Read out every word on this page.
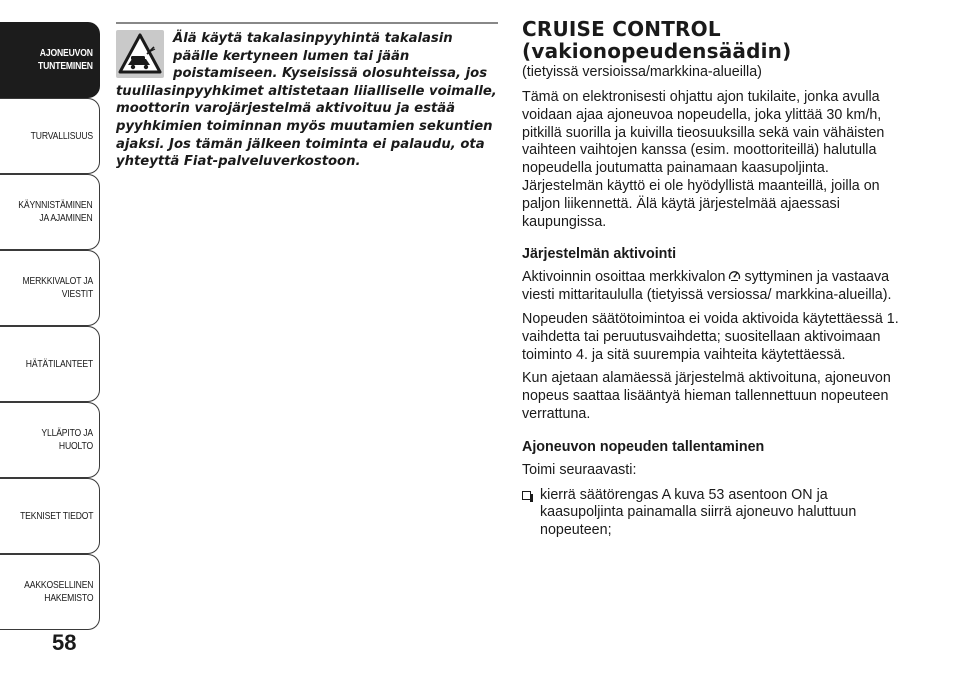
AJONEUVON
TUNTEMINEN
TURVALLISUUS
KÄYNNISTÄMINEN
JA AJAMINEN
MERKKIVALOT JA
VIESTIT
HÄTÄTILANTEET
YLLÄPITO JA HUOLTO
TEKNISET TIEDOT
AAKKOSELLINEN
HAKEMISTO
58
Älä käytä takalasinpyyhintä takalasin päälle kertyneen lumen tai jään poistamiseen. Kyseisissä olosuhteissa, jos tuulilasinpyyhkimet altistetaan liialliselle voimalle, moottorin varojärjestelmä aktivoituu ja estää pyyhkimien toiminnan myös muutamien sekuntien ajaksi. Jos tämän jälkeen toiminta ei palaudu, ota yhteyttä Fiat-palveluverkostoon.
CRUISE CONTROL
(vakionopeudensäädin)
(tietyissä versioissa/markkina-alueilla)

Tämä on elektronisesti ohjattu ajon tukilaite, jonka avulla voidaan ajaa ajoneuvoa nopeudella, joka ylittää 30 km/h, pitkillä suorilla ja kuivilla tieosuuksilla sekä vain vähäisten vaihteen vaihtojen kanssa (esim. moottoriteillä) halutulla nopeudella joutumatta painamaan kaasupoljinta. Järjestelmän käyttö ei ole hyödyllistä maanteillä, joilla on paljon liikennettä. Älä käytä järjestelmää ajaessasi kaupungissa.

Järjestelmän aktivointi

Aktivoinnin osoittaa merkkivalon syttyminen ja vastaava viesti mittaritaululla (tietyissä versiossa/ markkina-alueilla).

Nopeuden säätötoimintoa ei voida aktivoida käytettäessä 1. vaihdetta tai peruutusvaihdetta; suositellaan aktivoimaan toiminto 4. ja sitä suurempia vaihteita käytettäessä.

Kun ajetaan alamäessä järjestelmä aktivoituna, ajoneuvon nopeus saattaa lisääntyä hieman tallennettuun nopeuteen verrattuna.

Ajoneuvon nopeuden tallentaminen

Toimi seuraavasti:

kierrä säätörengas A kuva 53 asentoon ON ja kaasupoljinta painamalla siirrä ajoneuvo haluttuun nopeuteen;
